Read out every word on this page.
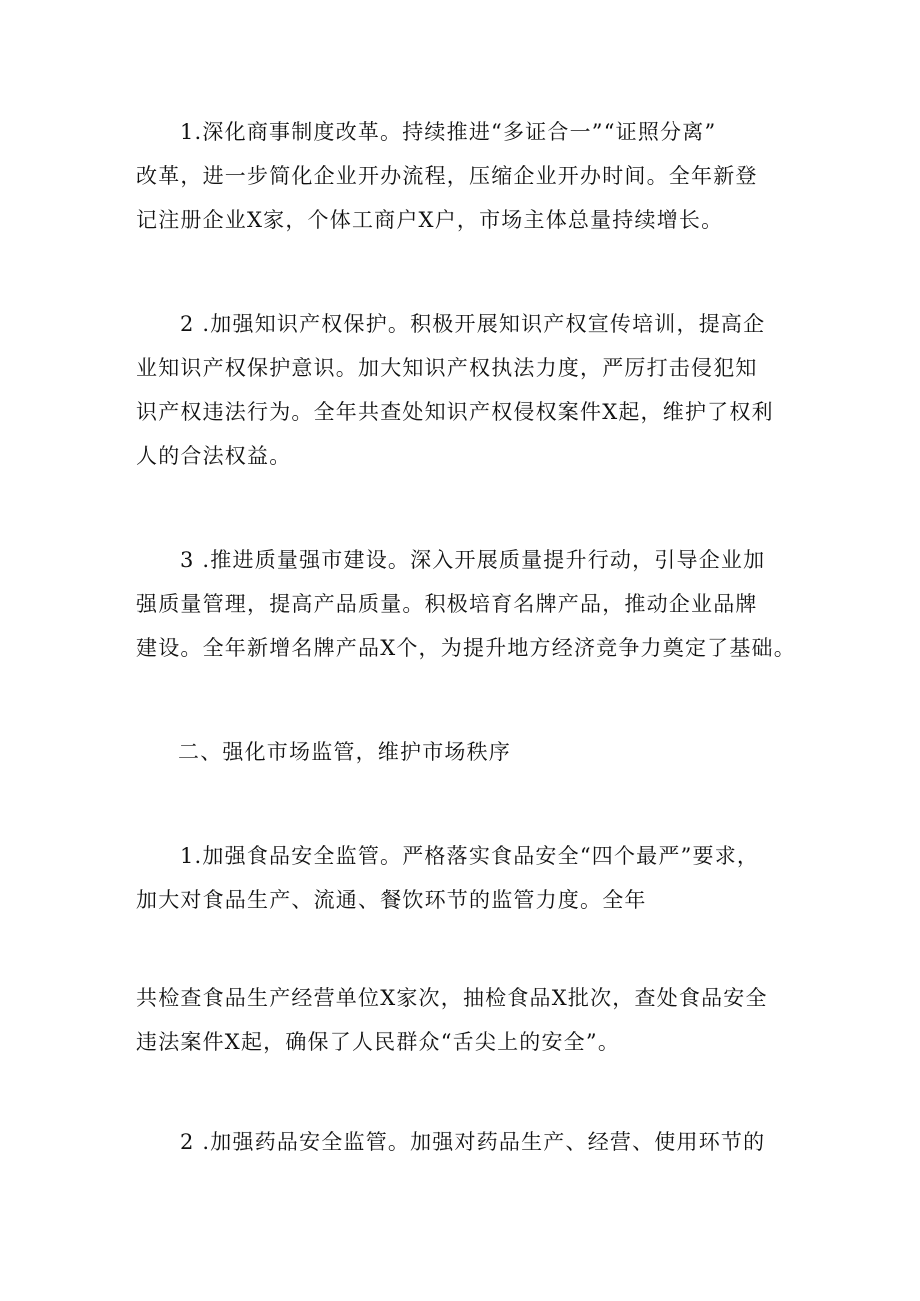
1.深化商事制度改革。持续推进“多证合一”“证照分离”

改革，进一步简化企业开办流程，压缩企业开办时间。全年新登

记注册企业X家，个体工商户X户，市场主体总量持续增长。

2 .加强知识产权保护。积极开展知识产权宣传培训，提高企

业知识产权保护意识。加大知识产权执法力度，严厉打击侵犯知

识产权违法行为。全年共查处知识产权侵权案件X起，维护了权利

人的合法权益。

3 .推进质量强市建设。深入开展质量提升行动，引导企业加

强质量管理，提高产品质量。积极培育名牌产品，推动企业品牌

建设。全年新增名牌产品X个，为提升地方经济竞争力奠定了基础。

二、强化市场监管，维护市场秩序

1.加强食品安全监管。严格落实食品安全“四个最严”要求，

加大对食品生产、流通、餐饮环节的监管力度。全年

共检查食品生产经营单位X家次，抽检食品X批次，查处食品安全

违法案件X起，确保了人民群众“舌尖上的安全”。

2 .加强药品安全监管。加强对药品生产、经营、使用环节的
